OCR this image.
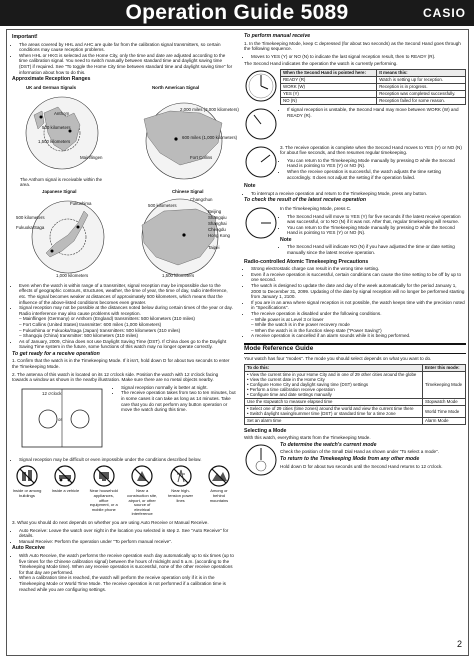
Operation Guide 5089	CASIO
Important!
• The areas covered by HHL and AHC are quite far from the calibration signal transmitters, so certain conditions may cause reception problems.
• When HHL or HKG is selected as the Home City, only the time and date are adjusted according to the time calibration signal. You need to switch manually between standard time and daylight saving time (DST) if required. See "To toggle the Home City time between standard time and daylight saving time" for information about how to do this.
Approximate Reception Ranges
UK and German Signals
Anthorn
500 kilometers
1,500 kilometers
Mainflingen
The Anthorn signal is receivable within the area.
North American Signal
2,000 miles (3,000 kilometers)
600 miles (1,000 kilometers)
Fort Collins
Japanese Signal
Fukushima
500 kilometers
Fukuoka/Saga
1,000 kilometers
Chinese Signal
Changchun
500 kilometers
Beijing
Shangqiu
Shanghai
Chengdu
Hong Kong
Taipei
1,500 kilometers
• Even when the watch is within range of a transmitter, signal reception may be impossible due to the effects of geographic contours, structures, weather, the time of year, the time of day, radio interference, etc. The signal becomes weaker at distances of approximately 500 kilometers, which means that the influence of the above-listed conditions becomes even greater.
• Signal reception may not be possible at the distances noted below during certain times of the year or day. Radio interference may also cause problems with reception.
– Mainflingen (Germany) or Anthorn (England) transmitters: 500 kilometers (310 miles)
– Fort Collins (United States) transmitter: 600 miles (1,000 kilometers)
– Fukushima or Fukuoka/Saga (Japan) transmitters: 500 kilometers (310 miles)
– Shangqiu (China) transmitter: 500 kilometers (310 miles)
• As of January, 2009, China does not use Daylight Saving Time (DST). If China does go to the Daylight Saving Time system in the future, some functions of this watch may no longer operate correctly.
To get ready for a receive operation

1. Confirm that the watch is in the Timekeeping Mode. If it isn't, hold down D for about two seconds to enter the Timekeeping Mode.

2. The antenna of this watch is located on its 12 o'clock side. Position the watch with 12 o'clock facing towards a window as shown in the nearby illustration. Make sure there are no metal objects nearby.

12 o'clock
or
• Signal reception normally is better at night.
• The receive operation takes from two to ten minutes, but in some cases it can take as long as 14 minutes. Take care that you do not perform any button operation or move the watch during this time.
• Signal reception may be difficult or even impossible under the conditions described below.
Inside or among buildings
Inside a vehicle	Near household appliances, office equipment, or a mobile phone
Near a construction site, airport, or other source of electrical interference
Near high-tension power lines
Among or behind mountains

3. What you should do next depends on whether you are using Auto Receive or Manual Receive.

• Auto Receive: Leave the watch over night in the location you selected in step 2. See "Auto Receive" for details.
• Manual Receive: Perform the operation under "To perform manual receive".
Auto Receive
• With Auto Receive, the watch performs the receive operation each day automatically up to six times (up to five times for the Chinese calibration signal) between the hours of midnight and 5 a.m. (according to the Timekeeping Mode time). When any receive operation is successful, none of the other receive operations for that day are performed.
• When a calibration time is reached, the watch will perform the receive operation only if it is in the Timekeeping Mode or World Time Mode. The receive operation is not performed if a calibration time is reached while you are configuring settings.
To perform manual receive

1. In the Timekeeping Mode, keep C depressed (for about two seconds) as the Second Hand goes through the following sequence.

• Moves to YES (Y) or NO (N) to indicate the last signal reception result, then to READY (R).

The Second Hand indicates the operation the watch is currently performing.

When the Second Hand is pointed here:	It means this:
READY (R)	Watch is setting up for reception.
WORK (W)	Reception is in progress.
YES (Y)	Reception was completed successfully.
NO (N)	Reception failed for some reason.
• If signal reception is unstable, the Second Hand may move between WORK (W) and READY (R).

3. The receive operation is complete when the Second Hand moves to YES (Y) or NO (N) for about five seconds, and then resumes regular timekeeping.

• You can return to the Timekeeping Mode manually by pressing D while the Second Hand is pointing to YES (Y) or NO (N).
• When the receive operation is successful, the watch adjusts the time setting accordingly. It does not adjust the setting if the operation failed.
Note
• To interrupt a receive operation and return to the Timekeeping Mode, press any button.
To check the result of the latest receive operation

In the Timekeeping Mode, press C.

• The Second Hand will move to YES (Y) for five seconds if the latest receive operation was successful, or to NO (N) if it was not. After that, regular timekeeping will resume.
• You can return to the Timekeeping Mode manually by pressing D while the Second Hand is pointing to YES (Y) or NO (N).
Note
• The Second Hand will indicate NO (N) if you have adjusted the time or date setting manually since the latest receive operation.
Radio-controlled Atomic Timekeeping Precautions
• Strong electrostatic charge can result in the wrong time setting.
• Even if a receive operation is successful, certain conditions can cause the time setting to be off by up to one second.
• The watch is designed to update the date and day of the week automatically for the period January 1, 2000 to December 31, 2099. Updating of the date by signal reception will no longer be performed starting from January 1, 2100.
• If you are in an area where signal reception is not possible, the watch keeps time with the precision noted in "Specifications".
• The receive operation is disabled under the following conditions.
– While power is at Level 3 or lower
– While the watch is in the power recovery mode
– When the watch is in the function sleep state ("Power Saving")
• A receive operation is cancelled if an alarm sounds while it is being performed.
Mode Reference Guide

Your watch has four "modes". The mode you should select depends on what you want to do.

To do this:	Enter this mode:

• View the current time in your Home City and in one of 29 other cities around the globe
• View the current date in the Home City
• Configure Home City and daylight saving time (DST) settings
• Perform a time calibration receive operation
• Configure time and date settings manually	Timekeeping Mode

Use the stopwatch to measure elapsed time	Stopwatch Mode

• Select one of 29 cities (time zones) around the world and view the current time there
• Switch daylight saving/summer time (DST) or standard time for a time zone	World Time Mode

Set an alarm time	Alarm Mode
Selecting a Mode

With this watch, everything starts from the Timekeeping Mode.

To determine the watch's current mode

Check the position of the Small Dial Hand as shown under "To select a mode".

To return to the Timekeeping Mode from any other mode

Hold down D for about two seconds until the Second Hand returns to 12 o'clock.

2
